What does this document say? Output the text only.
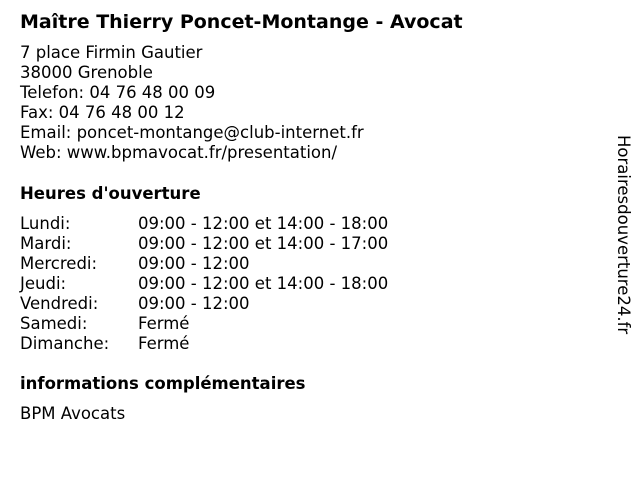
Maître Thierry Poncet-Montange - Avocat
7 place Firmin Gautier
38000 Grenoble
Telefon: 04 76 48 00 09
Fax: 04 76 48 00 12
Email: poncet-montange@club-internet.fr
Web: www.bpmavocat.fr/presentation/
Heures d'ouverture
Lundi:	09:00 - 12:00 et 14:00 - 18:00
Mardi:	09:00 - 12:00 et 14:00 - 17:00
Mercredi: 09:00 - 12:00
Jeudi:	09:00 - 12:00 et 14:00 - 18:00
Vendredi: 09:00 - 12:00
Samedi:	Fermé
Dimanche: Fermé
informations complémentaires
BPM Avocats
Horairesdouverture24.fr
